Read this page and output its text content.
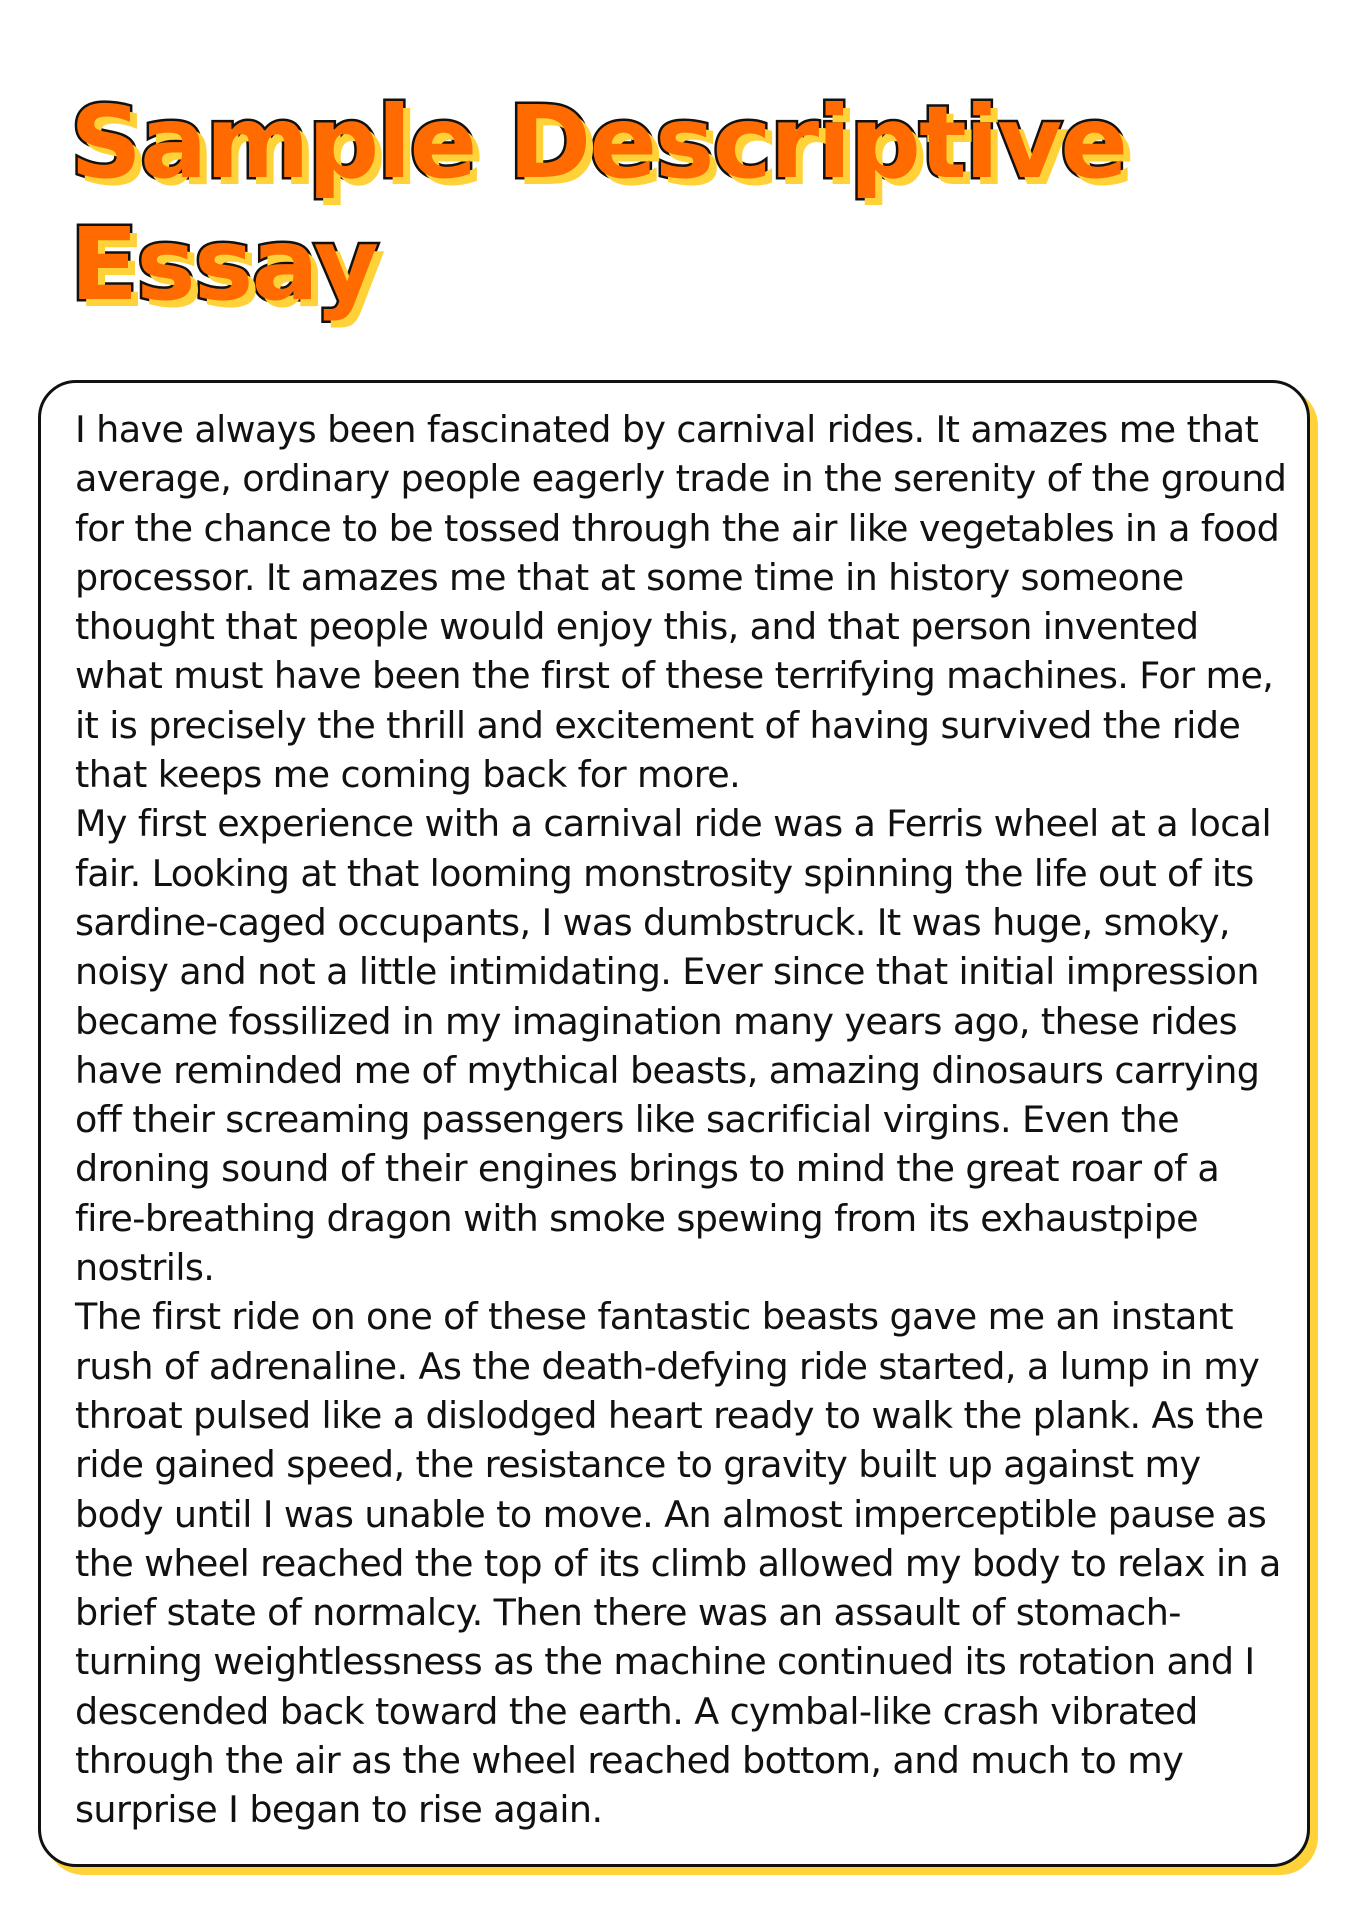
Sample Descriptive
Essay

I have always been fascinated by carnival rides. It amazes me that average, ordinary people eagerly trade in the serenity of the ground for the chance to be tossed through the air like vegetables in a food processor. It amazes me that at some time in history someone thought that people would enjoy this, and that person invented what must have been the first of these terrifying machines. For me, it is precisely the thrill and excitement of having survived the ride that keeps me coming back for more.

My first experience with a carnival ride was a Ferris wheel at a local fair. Looking at that looming monstrosity spinning the life out of its sardine-caged occupants, I was dumbstruck. It was huge, smoky, noisy and not a little intimidating. Ever since that initial impression became fossilized in my imagination many years ago, these rides have reminded me of mythical beasts, amazing dinosaurs carrying off their screaming passengers like sacrificial virgins. Even the droning sound of their engines brings to mind the great roar of a fire-breathing dragon with smoke spewing from its exhaustpipe nostrils.

The first ride on one of these fantastic beasts gave me an instant rush of adrenaline. As the death-defying ride started, a lump in my throat pulsed like a dislodged heart ready to walk the plank. As the ride gained speed, the resistance to gravity built up against my body until I was unable to move. An almost imperceptible pause as the wheel reached the top of its climb allowed my body to relax in a brief state of normalcy. Then there was an assault of stomach-turning weightlessness as the machine continued its rotation and I descended back toward the earth. A cymbal-like crash vibrated through the air as the wheel reached bottom, and much to my surprise I began to rise again.
